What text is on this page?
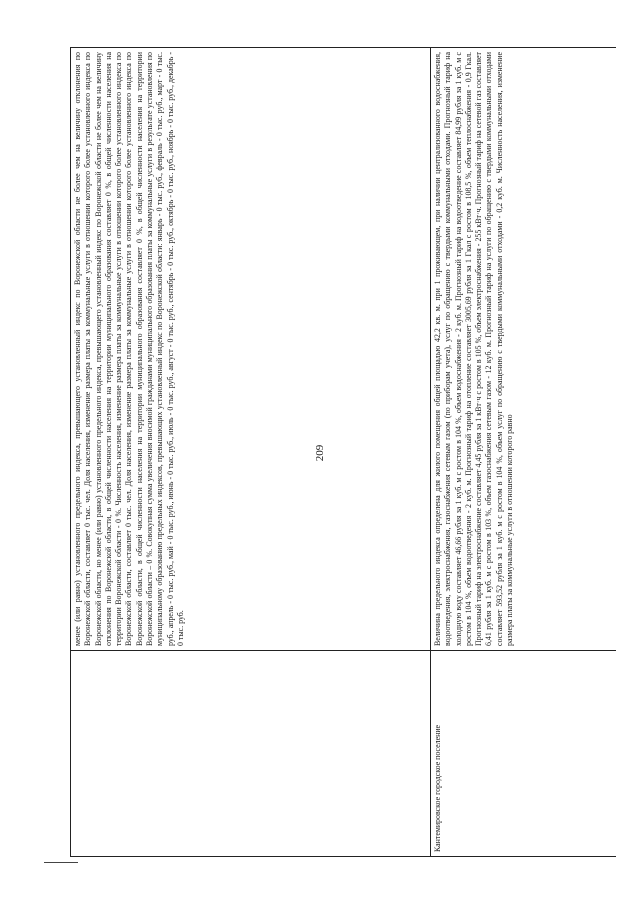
209
	менее (или равно) установленного предельного индекса, превышающего установленный индекс по Воронежской области не более чем на величину отклонения по Воронежской области, составляет 0 тыс. чел. Доля населения, изменение размера платы за коммунальные услуги в отношении которого более установленного индекса по Воронежской области, но менее (или равно) установленного предельного индекса, превышающего установленный индекс по Воронежской области не более чем на величину отклонения по Воронежской области, в общей численности населения на территории муниципального образования составляет 0 %, в общей численности населения на территории Воронежской области - 0 %. Численность населения, изменение размера платы за коммунальные услуги в отношении которого более установленного индекса по Воронежской области, составляет 0 тыс. чел. Доля населения, изменение размера платы за коммунальные услуги в отношении которого более установленного индекса по Воронежской области, в общей численности населения на территории муниципального образования составляет 0 %, в общей численности населения на территории Воронежской области – 0 %. Совокупная сумма увеличения вносимой гражданами муниципального образования платы за коммунальные услуги в результате установления по муниципальному образованию предельных индексов, превышающих установленный индекс по Воронежской области: январь - 0 тыс. руб., февраль - 0 тыс. руб., март - 0 тыс. руб., апрель - 0 тыс. руб., май - 0 тыс. руб., июнь - 0 тыс. руб., июль - 0 тыс. руб., август - 0 тыс. руб., сентябрь - 0 тыс. руб., октябрь - 0 тыс. руб., ноябрь - 0 тыс. руб., декабрь - 0 тыс. руб.

Кантемировское городское поселение	Величина предельного индекса определена для жилого помещения общей площадью 42,2 кв. м. при 1 проживающем, при наличии централизованного водоснабжения, водоотведения, электроснабжения, газоснабжения сетевым газом (по приборам учета), услуг по обращению с твердыми коммунальными отходами. Прогнозный тариф на холодную воду составляет 46,66 рубля за 1 куб. м с ростом в 104 %, объем водоснабжения - 2 куб. м. Прогнозный тариф на водоотведение составляет 84,99 рубля за 1 куб. м с ростом в 104 %, объем водоотведения - 2 куб. м. Прогнозный тариф на отопление составляет 3005,69 рубля за 1 Гкал с ростом в 108,5 %, объем теплоснабжения - 0,9 Гкал. Прогнозный тариф на электроснабжение составляет 4,45 рубля за 1 кВт·ч с ростом в 105 %, объем электроснабжения - 255 кВт·ч. Прогнозный тариф на сетевой газ составляет 6,41 рубля за 1 куб. м с ростом в 103 %, объем газоснабжения сетевым газом - 12 куб. м. Прогнозный тариф на услуги по обращению с твердыми коммунальными отходами составляет 593,52 рубля за 1 куб. м с ростом в 104 %, объем услуг по обращению с твердыми коммунальными отходами - 0,2 куб. м. Численность населения, изменение размера платы за коммунальные услуги в отношении которого равно
